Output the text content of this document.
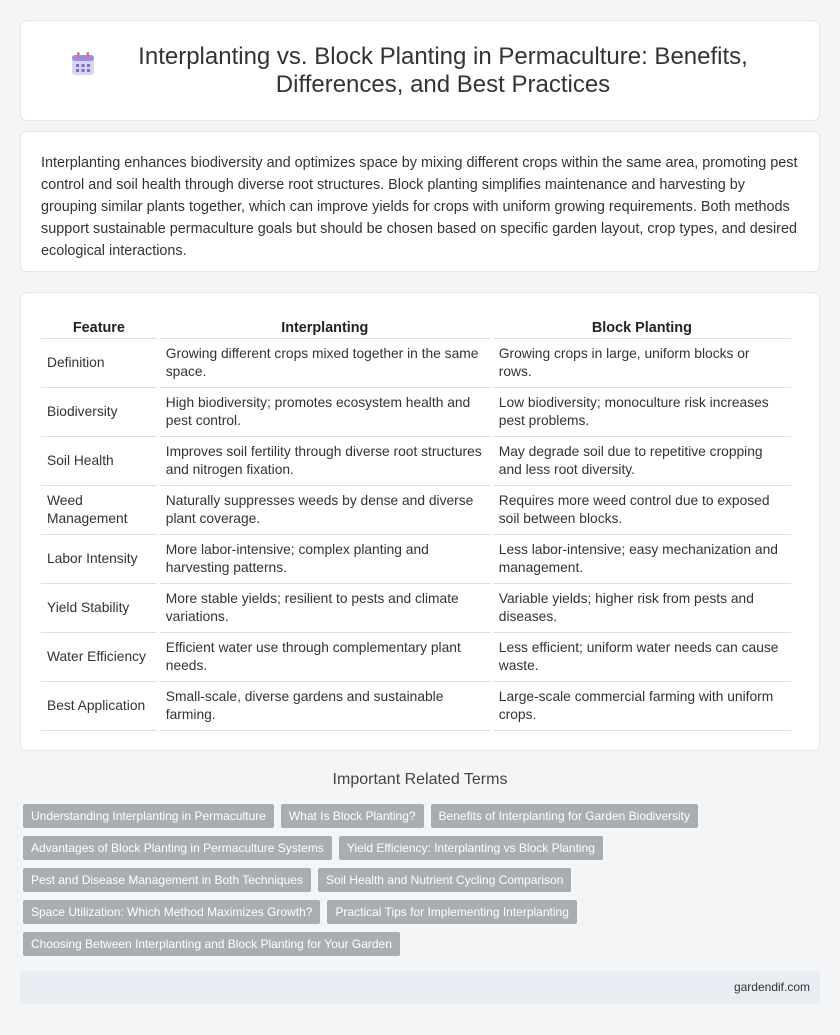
Interplanting vs. Block Planting in Permaculture: Benefits, Differences, and Best Practices

Interplanting enhances biodiversity and optimizes space by mixing different crops within the same area, promoting pest control and soil health through diverse root structures. Block planting simplifies maintenance and harvesting by grouping similar plants together, which can improve yields for crops with uniform growing requirements. Both methods support sustainable permaculture goals but should be chosen based on specific garden layout, crop types, and desired ecological interactions.

Feature	Interplanting	Block Planting
Definition	Growing different crops mixed together in the same space.	Growing crops in large, uniform blocks or rows.
Biodiversity	High biodiversity; promotes ecosystem health and pest control.	Low biodiversity; monoculture risk increases pest problems.
Soil Health	Improves soil fertility through diverse root structures and nitrogen fixation.	May degrade soil due to repetitive cropping and less root diversity.
Weed Management	Naturally suppresses weeds by dense and diverse plant coverage.	Requires more weed control due to exposed soil between blocks.
Labor Intensity	More labor-intensive; complex planting and harvesting patterns.	Less labor-intensive; easy mechanization and management.
Yield Stability	More stable yields; resilient to pests and climate variations.	Variable yields; higher risk from pests and diseases.
Water Efficiency	Efficient water use through complementary plant needs.	Less efficient; uniform water needs can cause waste.
Best Application	Small-scale, diverse gardens and sustainable farming.	Large-scale commercial farming with uniform crops.
Important Related Terms
Understanding Interplanting in Permaculture	What Is Block Planting?	Benefits of Interplanting for Garden Biodiversity
Advantages of Block Planting in Permaculture Systems	Yield Efficiency: Interplanting vs Block Planting
Pest and Disease Management in Both Techniques	Soil Health and Nutrient Cycling Comparison
Space Utilization: Which Method Maximizes Growth?	Practical Tips for Implementing Interplanting
Choosing Between Interplanting and Block Planting for Your Garden
gardendif.com
